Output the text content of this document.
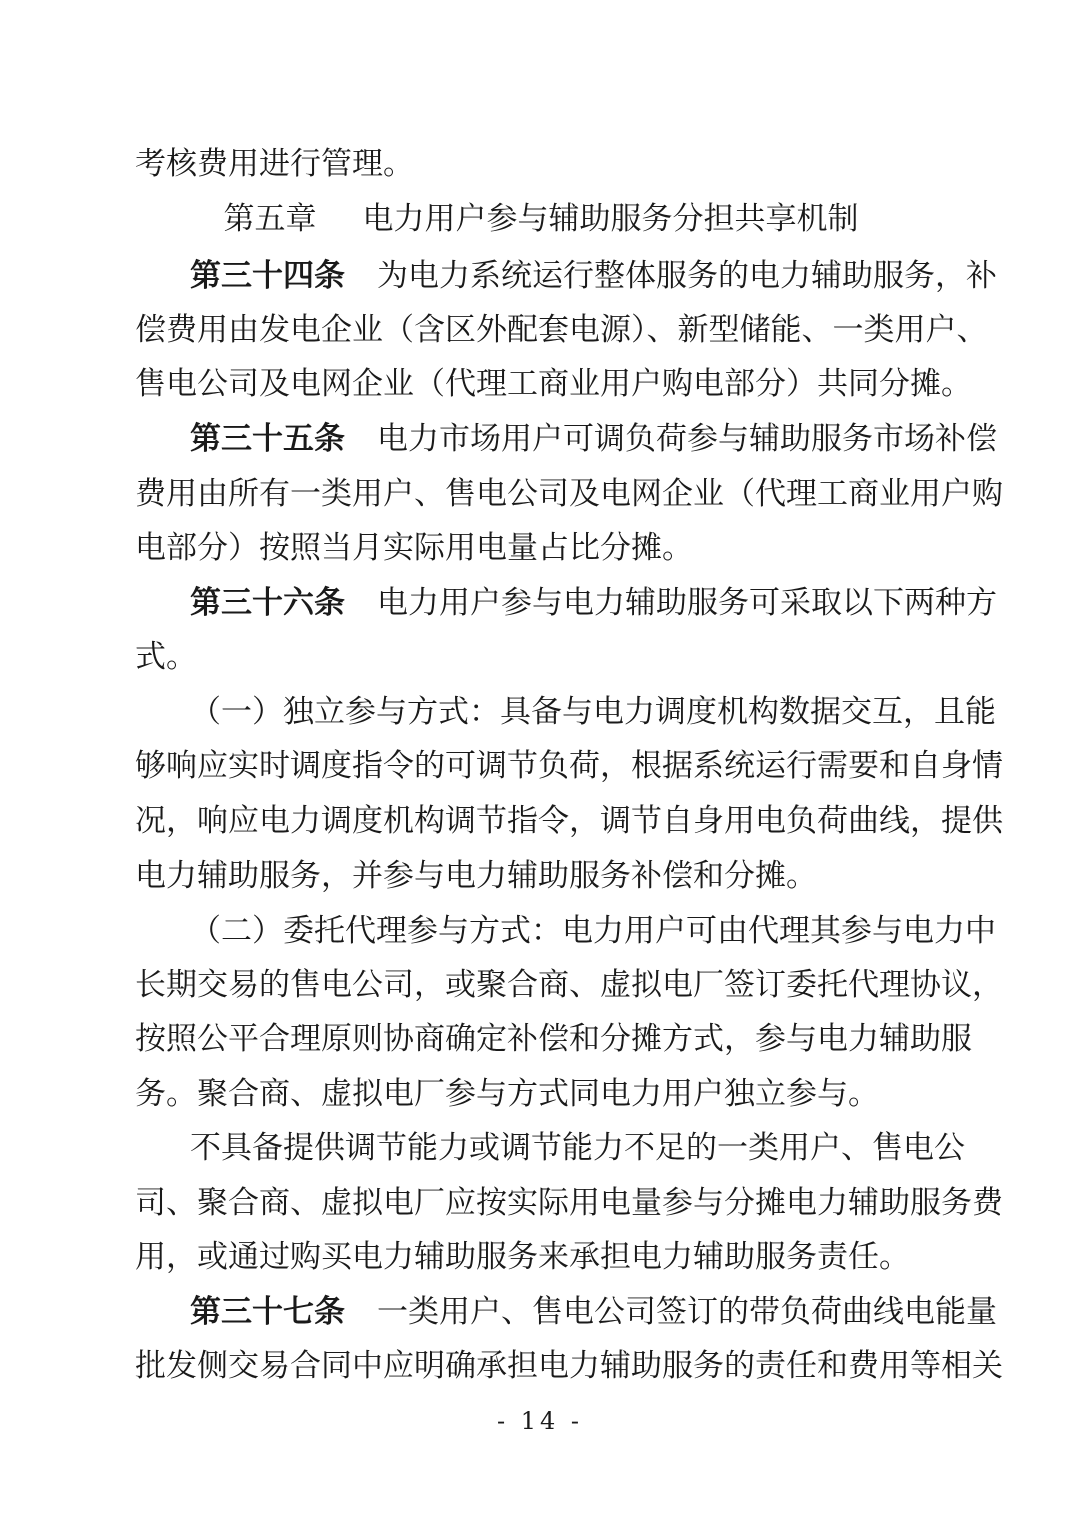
考核费用进行管理。
第五章 电力用户参与辅助服务分担共享机制
第三十四条 为电力系统运行整体服务的电力辅助服务，补
偿费用由发电企业（含区外配套电源）、新型储能、一类用户、
售电公司及电网企业（代理工商业用户购电部分）共同分摊。
第三十五条 电力市场用户可调负荷参与辅助服务市场补偿
费用由所有一类用户、售电公司及电网企业（代理工商业用户购
电部分）按照当月实际用电量占比分摊。
第三十六条 电力用户参与电力辅助服务可采取以下两种方
式。
（一）独立参与方式：具备与电力调度机构数据交互，且能
够响应实时调度指令的可调节负荷，根据系统运行需要和自身情
况，响应电力调度机构调节指令，调节自身用电负荷曲线，提供
电力辅助服务，并参与电力辅助服务补偿和分摊。
（二）委托代理参与方式：电力用户可由代理其参与电力中
长期交易的售电公司，或聚合商、虚拟电厂签订委托代理协议，
按照公平合理原则协商确定补偿和分摊方式，参与电力辅助服
务。聚合商、虚拟电厂参与方式同电力用户独立参与。
不具备提供调节能力或调节能力不足的一类用户、售电公
司、聚合商、虚拟电厂应按实际用电量参与分摊电力辅助服务费
用，或通过购买电力辅助服务来承担电力辅助服务责任。
第三十七条 一类用户、售电公司签订的带负荷曲线电能量
批发侧交易合同中应明确承担电力辅助服务的责任和费用等相关
- 14 -
